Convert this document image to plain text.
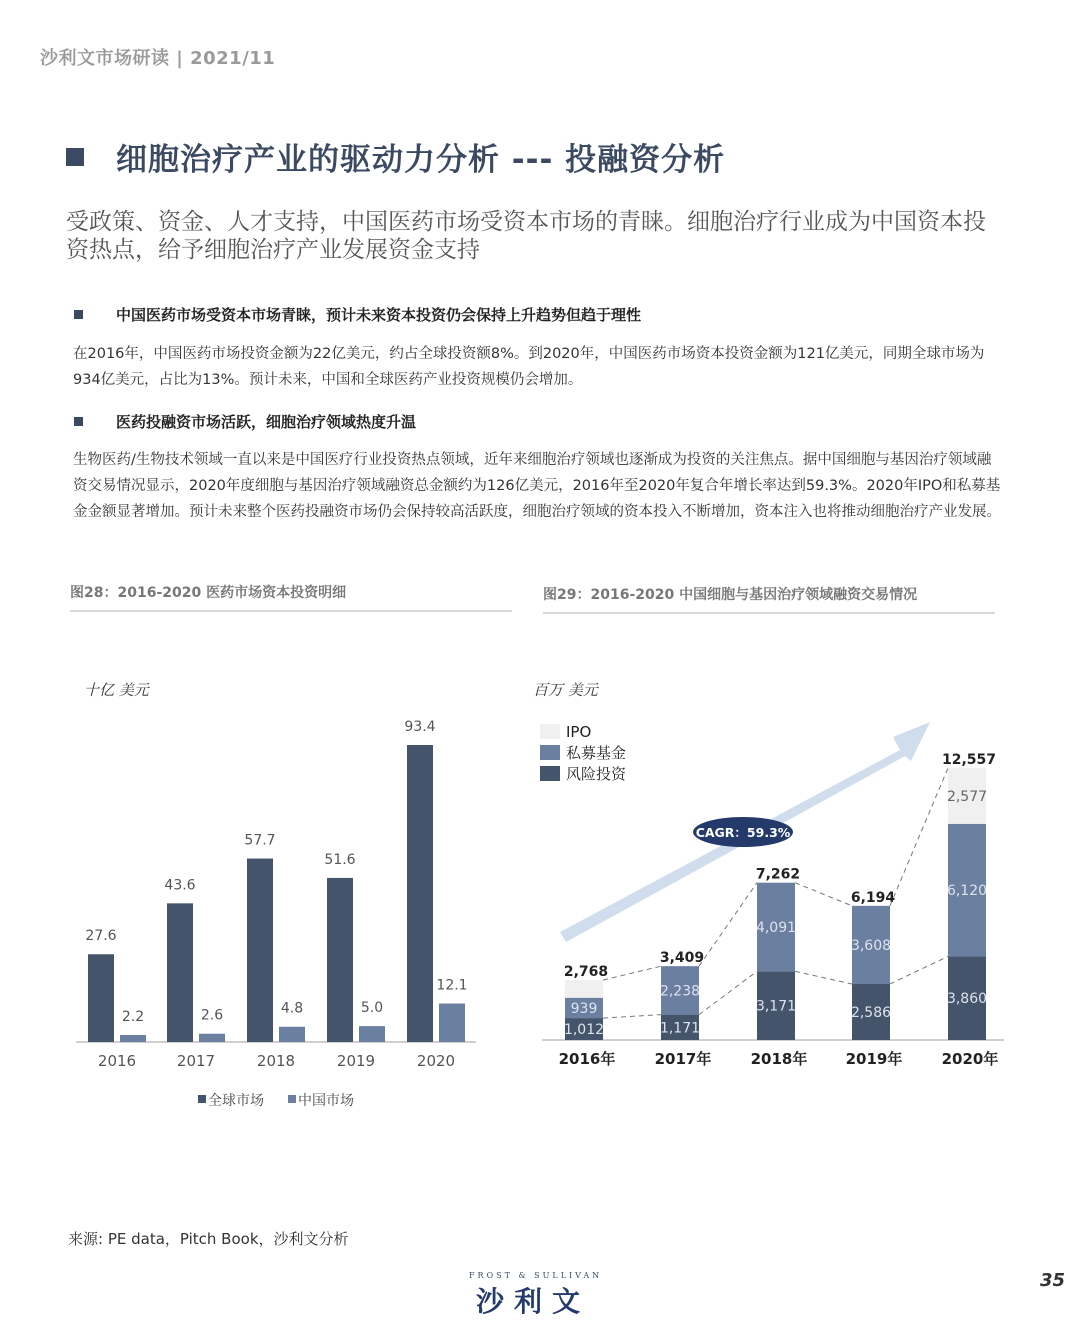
沙利文市场研读 | 2021/11
细胞治疗产业的驱动力分析 --- 投融资分析
受政策、资金、人才支持，中国医药市场受资本市场的青睐。细胞治疗行业成为中国资本投资热点，给予细胞治疗产业发展资金支持
中国医药市场受资本市场青睐，预计未来资本投资仍会保持上升趋势但趋于理性
在2016年，中国医药市场投资金额为22亿美元，约占全球投资额8%。到2020年，中国医药市场资本投资金额为121亿美元，同期全球市场为934亿美元，占比为13%。预计未来，中国和全球医药产业投资规模仍会增加。
医药投融资市场活跃，细胞治疗领域热度升温
生物医药/生物技术领域一直以来是中国医疗行业投资热点领域，近年来细胞治疗领域也逐渐成为投资的关注焦点。据中国细胞与基因治疗领域融资交易情况显示，2020年度细胞与基因治疗领域融资总金额约为126亿美元，2016年至2020年复合年增长率达到59.3%。2020年IPO和私募基金金额显著增加。预计未来整个医药投融资市场仍会保持较高活跃度，细胞治疗领域的资本投入不断增加，资本注入也将推动细胞治疗产业发展。
图28：2016-2020 医药市场资本投资明细	图29：2016-2020 中国细胞与基因治疗领域融资交易情况
十亿 美元	百万 美元
27.6
2.2
2016
43.6
2.6
2017
57.7
4.8
2018
51.6
5.0
2019
93.4
12.1
2020
全球市场 中国市场
1,012
939
2,768
2016年
1,171
2,238
3,409
2017年
3,171
4,091
7,262
2018年
2,586
3,608
6,194
2019年
3,860
6,120
2,577
12,557
2020年
CAGR：59.3%
IPO
私募基金
风险投资
来源: PE data，Pitch Book，沙利文分析
FROST & SULLIVAN
沙利文
35
